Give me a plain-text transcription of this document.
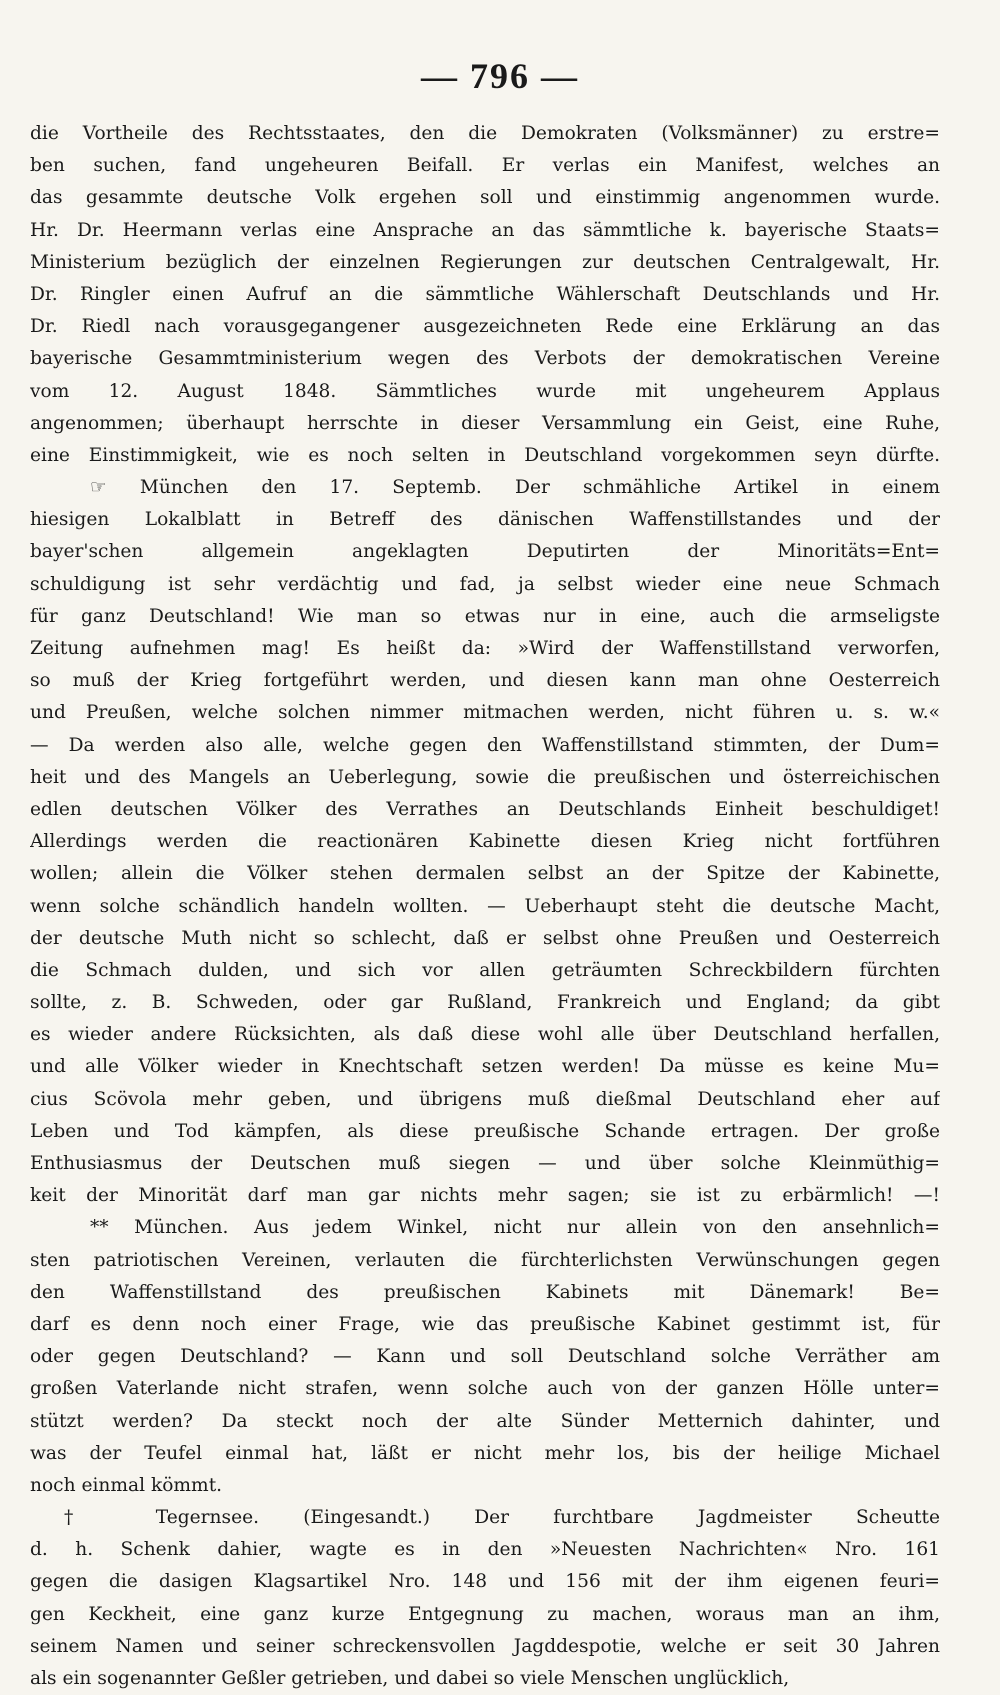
— 796 —
die Vortheile des Rechtsstaates, den die Demokraten (Volksmänner) zu erstre=
ben suchen, fand ungeheuren Beifall. Er verlas ein Manifest, welches an
das gesammte deutsche Volk ergehen soll und einstimmig angenommen wurde.
Hr. Dr. Heermann verlas eine Ansprache an das sämmtliche k. bayerische Staats=
Ministerium bezüglich der einzelnen Regierungen zur deutschen Centralgewalt, Hr.
Dr. Ringler einen Aufruf an die sämmtliche Wählerschaft Deutschlands und Hr.
Dr. Riedl nach vorausgegangener ausgezeichneten Rede eine Erklärung an das
bayerische Gesammtministerium wegen des Verbots der demokratischen Vereine
vom 12. August 1848. Sämmtliches wurde mit ungeheurem Applaus
angenommen; überhaupt herrschte in dieser Versammlung ein Geist, eine Ruhe,
eine Einstimmigkeit, wie es noch selten in Deutschland vorgekommen seyn dürfte.
☞ München den 17. Septemb. Der schmähliche Artikel in einem
hiesigen Lokalblatt in Betreff des dänischen Waffenstillstandes und der
bayer'schen allgemein angeklagten Deputirten der Minoritäts=Ent=
schuldigung ist sehr verdächtig und fad, ja selbst wieder eine neue Schmach
für ganz Deutschland! Wie man so etwas nur in eine, auch die armseligste
Zeitung aufnehmen mag! Es heißt da: »Wird der Waffenstillstand verworfen,
so muß der Krieg fortgeführt werden, und diesen kann man ohne Oesterreich
und Preußen, welche solchen nimmer mitmachen werden, nicht führen u. s. w.«
— Da werden also alle, welche gegen den Waffenstillstand stimmten, der Dum=
heit und des Mangels an Ueberlegung, sowie die preußischen und österreichischen
edlen deutschen Völker des Verrathes an Deutschlands Einheit beschuldiget!
Allerdings werden die reactionären Kabinette diesen Krieg nicht fortführen
wollen; allein die Völker stehen dermalen selbst an der Spitze der Kabinette,
wenn solche schändlich handeln wollten. — Ueberhaupt steht die deutsche Macht,
der deutsche Muth nicht so schlecht, daß er selbst ohne Preußen und Oesterreich
die Schmach dulden, und sich vor allen geträumten Schreckbildern fürchten
sollte, z. B. Schweden, oder gar Rußland, Frankreich und England; da gibt
es wieder andere Rücksichten, als daß diese wohl alle über Deutschland herfallen,
und alle Völker wieder in Knechtschaft setzen werden! Da müsse es keine Mu=
cius Scövola mehr geben, und übrigens muß dießmal Deutschland eher auf
Leben und Tod kämpfen, als diese preußische Schande ertragen. Der große
Enthusiasmus der Deutschen muß siegen — und über solche Kleinmüthig=
keit der Minorität darf man gar nichts mehr sagen; sie ist zu erbärmlich! —!
** München. Aus jedem Winkel, nicht nur allein von den ansehnlich=
sten patriotischen Vereinen, verlauten die fürchterlichsten Verwünschungen gegen
den Waffenstillstand des preußischen Kabinets mit Dänemark! Be=
darf es denn noch einer Frage, wie das preußische Kabinet gestimmt ist, für
oder gegen Deutschland? — Kann und soll Deutschland solche Verräther am
großen Vaterlande nicht strafen, wenn solche auch von der ganzen Hölle unter=
stützt werden? Da steckt noch der alte Sünder Metternich dahinter, und
was der Teufel einmal hat, läßt er nicht mehr los, bis der heilige Michael
noch einmal kömmt.
† Tegernsee. (Eingesandt.) Der furchtbare Jagdmeister Scheutte
d. h. Schenk dahier, wagte es in den »Neuesten Nachrichten« Nro. 161
gegen die dasigen Klagsartikel Nro. 148 und 156 mit der ihm eigenen feuri=
gen Keckheit, eine ganz kurze Entgegnung zu machen, woraus man an ihm,
seinem Namen und seiner schreckensvollen Jagddespotie, welche er seit 30 Jahren
als ein sogenannter Geßler getrieben, und dabei so viele Menschen unglücklich,
